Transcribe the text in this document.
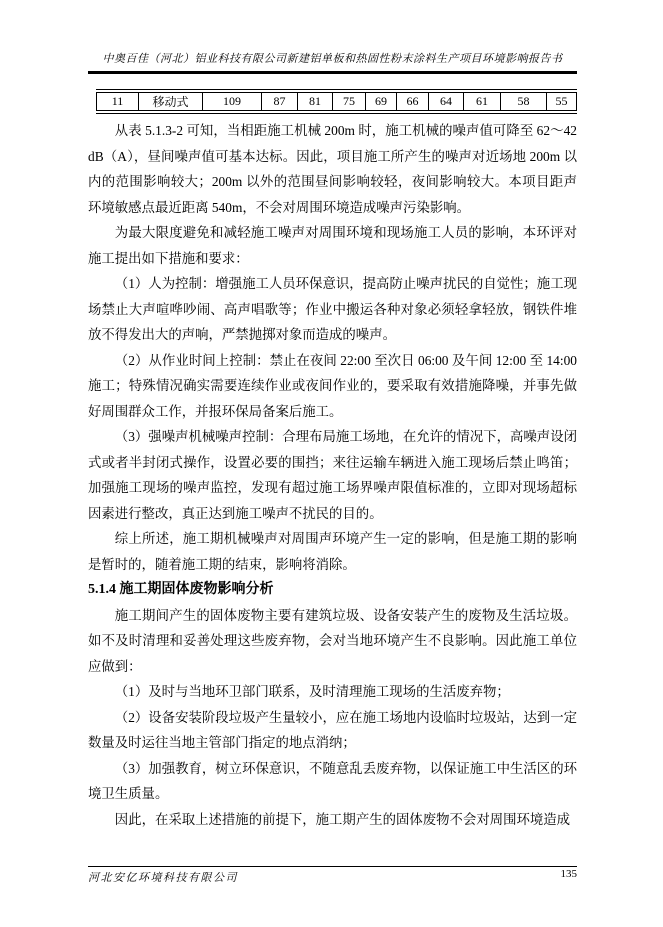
中奥百佳（河北）铝业科技有限公司新建铝单板和热固性粉末涂料生产项目环境影响报告书
11	移动式	109	87	81	75	69	66	64	61	58	55
从表 5.1.3-2 可知，当相距施工机械 200m 时，施工机械的噪声值可降至 62～42 dB（A），昼间噪声值可基本达标。因此，项目施工所产生的噪声对近场地 200m 以内的范围影响较大；200m 以外的范围昼间影响较轻，夜间影响较大。本项目距声环境敏感点最近距离 540m，不会对周围环境造成噪声污染影响。
为最大限度避免和减轻施工噪声对周围环境和现场施工人员的影响，本环评对施工提出如下措施和要求：
（1）人为控制：增强施工人员环保意识，提高防止噪声扰民的自觉性；施工现场禁止大声喧哗吵闹、高声唱歌等；作业中搬运各种对象必须轻拿轻放，钢铁件堆放不得发出大的声响，严禁抛掷对象而造成的噪声。
（2）从作业时间上控制：禁止在夜间 22:00 至次日 06:00 及午间 12:00 至 14:00 施工；特殊情况确实需要连续作业或夜间作业的，要采取有效措施降噪，并事先做好周围群众工作，并报环保局备案后施工。
（3）强噪声机械噪声控制：合理布局施工场地，在允许的情况下，高噪声设闭式或者半封闭式操作，设置必要的围挡；来往运输车辆进入施工现场后禁止鸣笛；加强施工现场的噪声监控，发现有超过施工场界噪声限值标准的，立即对现场超标因素进行整改，真正达到施工噪声不扰民的目的。
综上所述，施工期机械噪声对周围声环境产生一定的影响，但是施工期的影响是暂时的，随着施工期的结束，影响将消除。
5.1.4 施工期固体废物影响分析
施工期间产生的固体废物主要有建筑垃圾、设备安装产生的废物及生活垃圾。如不及时清理和妥善处理这些废弃物，会对当地环境产生不良影响。因此施工单位应做到：
（1）及时与当地环卫部门联系，及时清理施工现场的生活废弃物；
（2）设备安装阶段垃圾产生量较小，应在施工场地内设临时垃圾站，达到一定数量及时运往当地主管部门指定的地点消纳；
（3）加强教育，树立环保意识，不随意乱丢废弃物，以保证施工中生活区的环境卫生质量。
因此，在采取上述措施的前提下，施工期产生的固体废物不会对周围环境造成
河北安亿环境科技有限公司	135
